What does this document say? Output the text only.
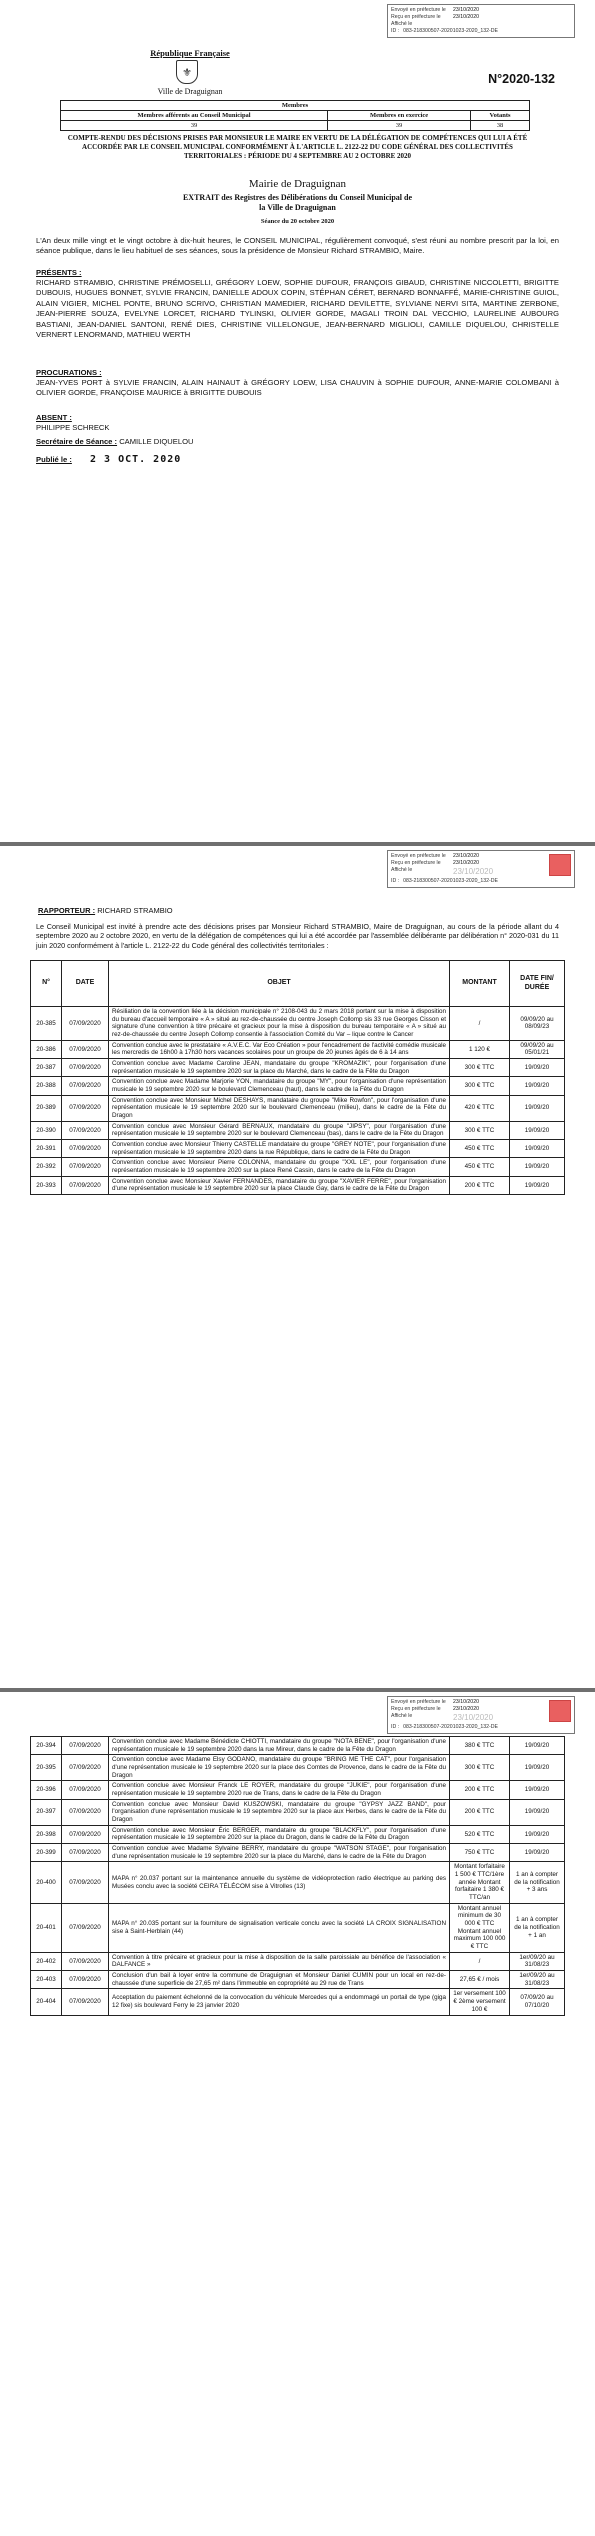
Envoyé en préfecture le	23/10/2020
Reçu en préfecture le	23/10/2020
Affiché le
ID : 083-218300507-20201023-2020_132-DE
République Française
⚜
Ville de Draguignan
N°2020-132
Membres		
Membres afférents au Conseil Municipal	Membres en exercice	Votants
39	39	38
COMPTE-RENDU DES DÉCISIONS PRISES PAR MONSIEUR LE MAIRE EN VERTU DE LA DÉLÉGATION DE COMPÉTENCES QUI LUI A ÉTÉ ACCORDÉE PAR LE CONSEIL MUNICIPAL CONFORMÉMENT À L'ARTICLE L. 2122-22 DU CODE GÉNÉRAL DES COLLECTIVITÉS TERRITORIALES : PÉRIODE DU 4 SEPTEMBRE AU 2 OCTOBRE 2020
Mairie de Draguignan
EXTRAIT des Registres des Délibérations du Conseil Municipal de la Ville de Draguignan
Séance du 20 octobre 2020
L'An deux mille vingt et le vingt octobre à dix-huit heures, le CONSEIL MUNICIPAL, régulièrement convoqué, s'est réuni au nombre prescrit par la loi, en séance publique, dans le lieu habituel de ses séances, sous la présidence de Monsieur Richard STRAMBIO, Maire.
PRÉSENTS :
RICHARD STRAMBIO, CHRISTINE PRÉMOSELLI, GRÉGORY LOEW, SOPHIE DUFOUR, FRANÇOIS GIBAUD, CHRISTINE NICCOLETTI, BRIGITTE DUBOUIS, HUGUES BONNET, SYLVIE FRANCIN, DANIELLE ADOUX COPIN, STÉPHAN CÉRET, BERNARD BONNAFFÉ, MARIE-CHRISTINE GUIOL, ALAIN VIGIER, MICHEL PONTE, BRUNO SCRIVO, CHRISTIAN MAMEDIER, RICHARD DEVILETTE, SYLVIANE NERVI SITA, MARTINE ZERBONE, JEAN-PIERRE SOUZA, EVELYNE LORCET, RICHARD TYLINSKI, OLIVIER GORDE, MAGALI TROIN DAL VECCHIO, LAURELINE AUBOURG BASTIANI, JEAN-DANIEL SANTONI, RENÉ DIES, CHRISTINE VILLELONGUE, JEAN-BERNARD MIGLIOLI, CAMILLE DIQUELOU, CHRISTELLE VERNERT LENORMAND, MATHIEU WERTH
PROCURATIONS :
JEAN-YVES PORT à SYLVIE FRANCIN, ALAIN HAINAUT à GRÉGORY LOEW, LISA CHAUVIN à SOPHIE DUFOUR, ANNE-MARIE COLOMBANI à OLIVIER GORDE, FRANÇOISE MAURICE à BRIGITTE DUBOUIS
ABSENT :
PHILIPPE SCHRECK
Secrétaire de Séance : CAMILLE DIQUELOU
Publié le : 2 3 OCT. 2020
Envoyé en préfecture le	23/10/2020
Reçu en préfecture le	23/10/2020
Affiché le	23/10/2020
ID : 083-218300507-20201023-2020_132-DE
RAPPORTEUR : RICHARD STRAMBIO
Le Conseil Municipal est invité à prendre acte des décisions prises par Monsieur Richard STRAMBIO, Maire de Draguignan, au cours de la période allant du 4 septembre 2020 au 2 octobre 2020, en vertu de la délégation de compétences qui lui a été accordée par l'assemblée délibérante par délibération n° 2020-031 du 11 juin 2020 conformément à l'article L. 2122-22 du Code général des collectivités territoriales :
N°	DATE	OBJET	MONTANT	DATE FIN/ DURÉE
20-385	07/09/2020	Résiliation de la convention liée à la décision municipale n° 2108-043 du 2 mars 2018 portant sur la mise à disposition du bureau d'accueil temporaire « A » situé au rez-de-chaussée du centre Joseph Collomp sis 33 rue Georges Cisson et signature d'une convention à titre précaire et gracieux pour la mise à disposition du bureau temporaire « A » situé au rez-de-chaussée du centre Joseph Collomp consentie à l'association Comité du Var – lique contre le Cancer	/	09/09/20 au 08/09/23
20-386	07/09/2020	Convention conclue avec le prestataire « A.V.E.C. Var Eco Création » pour l'encadrement de l'activité comédie musicale les mercredis de 16h00 à 17h30 hors vacances scolaires pour un groupe de 20 jeunes âgés de 6 à 14 ans	1 120 €	09/09/20 au 05/01/21
20-387	07/09/2020	Convention conclue avec Madame Caroline JEAN, mandataire du groupe "KROMAZIK", pour l'organisation d'une représentation musicale le 19 septembre 2020 sur la place du Marché, dans le cadre de la Fête du Dragon	300 € TTC	19/09/20
20-388	07/09/2020	Convention conclue avec Madame Marjorie YON, mandataire du groupe "MY", pour l'organisation d'une représentation musicale le 19 septembre 2020 sur le boulevard Clemenceau (haut), dans le cadre de la Fête du Dragon	300 € TTC	19/09/20
20-389	07/09/2020	Convention conclue avec Monsieur Michel DESHAYS, mandataire du groupe "Mike Rowfon", pour l'organisation d'une représentation musicale le 19 septembre 2020 sur le boulevard Clemenceau (milieu), dans le cadre de la Fête du Dragon	420 € TTC	19/09/20
20-390	07/09/2020	Convention conclue avec Monsieur Gérard BERNAUX, mandataire du groupe "JIPSY", pour l'organisation d'une représentation musicale le 19 septembre 2020 sur le boulevard Clemenceau (bas), dans le cadre de la Fête du Dragon	300 € TTC	19/09/20
20-391	07/09/2020	Convention conclue avec Monsieur Thierry CASTELLE mandataire du groupe "GREY NOTE", pour l'organisation d'une représentation musicale le 19 septembre 2020 dans la rue République, dans le cadre de la Fête du Dragon	450 € TTC	19/09/20
20-392	07/09/2020	Convention conclue avec Monsieur Pierre COLONNA, mandataire du groupe "XXL LE", pour l'organisation d'une représentation musicale le 19 septembre 2020 sur la place René Cassin, dans le cadre de la Fête du Dragon	450 € TTC	19/09/20
20-393	07/09/2020	Convention conclue avec Monsieur Xavier FERNANDES, mandataire du groupe "XAVIER FERRE", pour l'organisation d'une représentation musicale le 19 septembre 2020 sur la place Claude Gay, dans le cadre de la Fête du Dragon	200 € TTC	19/09/20
Envoyé en préfecture le	23/10/2020
Reçu en préfecture le	23/10/2020
Affiché le	23/10/2020
ID : 083-218300507-20201023-2020_132-DE
20-394	07/09/2020	Convention conclue avec Madame Bénédicte CHIOTTI, mandataire du groupe "NOTA BENE", pour l'organisation d'une représentation musicale le 19 septembre 2020 dans la rue Mireur, dans le cadre de la Fête du Dragon	380 € TTC	19/09/20
20-395	07/09/2020	Convention conclue avec Madame Elsy GODANO, mandataire du groupe "BRING ME THE CAT", pour l'organisation d'une représentation musicale le 19 septembre 2020 sur la place des Comtes de Provence, dans le cadre de la Fête du Dragon	300 € TTC	19/09/20
20-396	07/09/2020	Convention conclue avec Monsieur Franck LE ROYER, mandataire du groupe "JUKIE", pour l'organisation d'une représentation musicale le 19 septembre 2020 rue de Trans, dans le cadre de la Fête du Dragon	200 € TTC	19/09/20
20-397	07/09/2020	Convention conclue avec Monsieur David KUSZOWSKI, mandataire du groupe "GYPSY JAZZ BAND", pour l'organisation d'une représentation musicale le 19 septembre 2020 sur la place aux Herbes, dans le cadre de la Fête du Dragon	200 € TTC	19/09/20
20-398	07/09/2020	Convention conclue avec Monsieur Éric BERGER, mandataire du groupe "BLACKFLY", pour l'organisation d'une représentation musicale le 19 septembre 2020 sur la place du Dragon, dans le cadre de la Fête du Dragon	520 € TTC	19/09/20
20-399	07/09/2020	Convention conclue avec Madame Sylvaine BERRY, mandataire du groupe "WATSON STAGE", pour l'organisation d'une représentation musicale le 19 septembre 2020 sur la place du Marché, dans le cadre de la Fête du Dragon	750 € TTC	19/09/20
20-400	07/09/2020	MAPA n° 20.037 portant sur la maintenance annuelle du système de vidéoprotection radio électrique au parking des Musées conclu avec la société CEIRA TÉLÉCOM sise à Vitrolles (13)	Montant forfaitaire 1 500 € TTC/1ère année Montant forfaitaire 1 380 € TTC/an	1 an à compter de la notification + 3 ans
20-401	07/09/2020	MAPA n° 20.035 portant sur la fourniture de signalisation verticale conclu avec la société LA CROIX SIGNALISATION sise à Saint-Herblain (44)	Montant annuel minimum de 30 000 € TTC Montant annuel maximum 100 000 € TTC	1 an à compter de la notification + 1 an
20-402	07/09/2020	Convention à titre précaire et gracieux pour la mise à disposition de la salle paroissiale au bénéfice de l'association « DALFANCE »	/	1er/09/20 au 31/08/23
20-403	07/09/2020	Conclusion d'un bail à loyer entre la commune de Draguignan et Monsieur Daniel CUMIN pour un local en rez-de-chaussée d'une superficie de 27,65 m² dans l'immeuble en copropriété au 29 rue de Trans	27,65 € / mois	1er/09/20 au 31/08/23
20-404	07/09/2020	Acceptation du paiement échelonné de la convocation du véhicule Mercedes qui a endommagé un portail de type (giga 12 fixe) sis boulevard Ferry le 23 janvier 2020	1er versement 100 € 2ème versement 100 €	07/09/20 au 07/10/20
